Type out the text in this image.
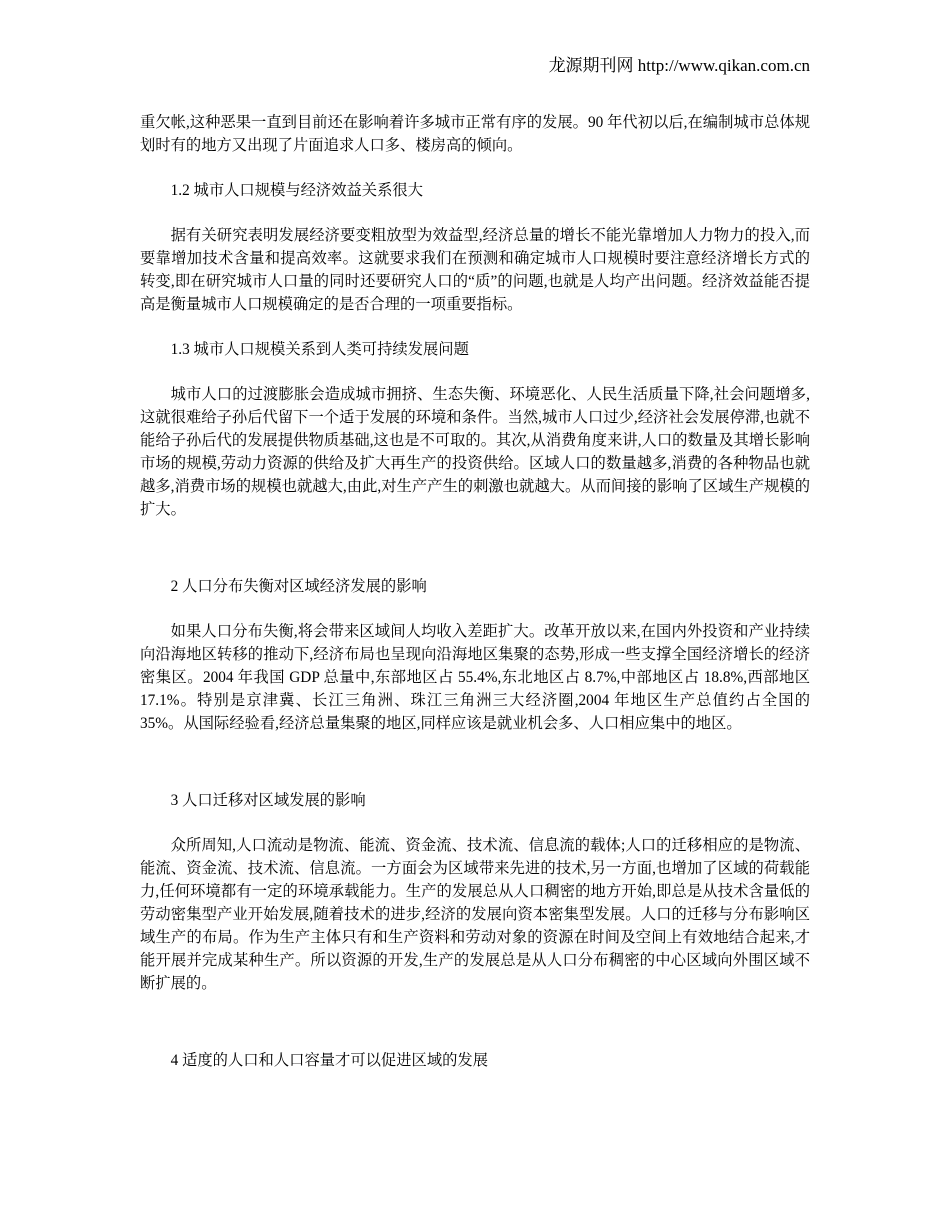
龙源期刊网 http://www.qikan.com.cn

重欠帐,这种恶果一直到目前还在影响着许多城市正常有序的发展。90 年代初以后,在编制城市总体规划时有的地方又出现了片面追求人口多、楼房高的倾向。

1.2 城市人口规模与经济效益关系很大

据有关研究表明发展经济要变粗放型为效益型,经济总量的增长不能光靠增加人力物力的投入,而要靠增加技术含量和提高效率。这就要求我们在预测和确定城市人口规模时要注意经济增长方式的转变,即在研究城市人口量的同时还要研究人口的“质”的问题,也就是人均产出问题。经济效益能否提高是衡量城市人口规模确定的是否合理的一项重要指标。

1.3 城市人口规模关系到人类可持续发展问题

城市人口的过渡膨胀会造成城市拥挤、生态失衡、环境恶化、人民生活质量下降,社会问题增多,这就很难给子孙后代留下一个适于发展的环境和条件。当然,城市人口过少,经济社会发展停滞,也就不能给子孙后代的发展提供物质基础,这也是不可取的。其次,从消费角度来讲,人口的数量及其增长影响市场的规模,劳动力资源的供给及扩大再生产的投资供给。区域人口的数量越多,消费的各种物品也就越多,消费市场的规模也就越大,由此,对生产产生的刺激也就越大。从而间接的影响了区域生产规模的扩大。

2 人口分布失衡对区域经济发展的影响

如果人口分布失衡,将会带来区域间人均收入差距扩大。改革开放以来,在国内外投资和产业持续向沿海地区转移的推动下,经济布局也呈现向沿海地区集聚的态势,形成一些支撑全国经济增长的经济密集区。2004 年我国 GDP 总量中,东部地区占 55.4%,东北地区占 8.7%,中部地区占 18.8%,西部地区 17.1%。特别是京津冀、长江三角洲、珠江三角洲三大经济圈,2004 年地区生产总值约占全国的 35%。从国际经验看,经济总量集聚的地区,同样应该是就业机会多、人口相应集中的地区。

3 人口迁移对区域发展的影响

众所周知,人口流动是物流、能流、资金流、技术流、信息流的载体;人口的迁移相应的是物流、能流、资金流、技术流、信息流。一方面会为区域带来先进的技术,另一方面,也增加了区域的荷载能力,任何环境都有一定的环境承载能力。生产的发展总从人口稠密的地方开始,即总是从技术含量低的劳动密集型产业开始发展,随着技术的进步,经济的发展向资本密集型发展。人口的迁移与分布影响区域生产的布局。作为生产主体只有和生产资料和劳动对象的资源在时间及空间上有效地结合起来,才能开展并完成某种生产。所以资源的开发,生产的发展总是从人口分布稠密的中心区域向外围区域不断扩展的。

4 适度的人口和人口容量才可以促进区域的发展
